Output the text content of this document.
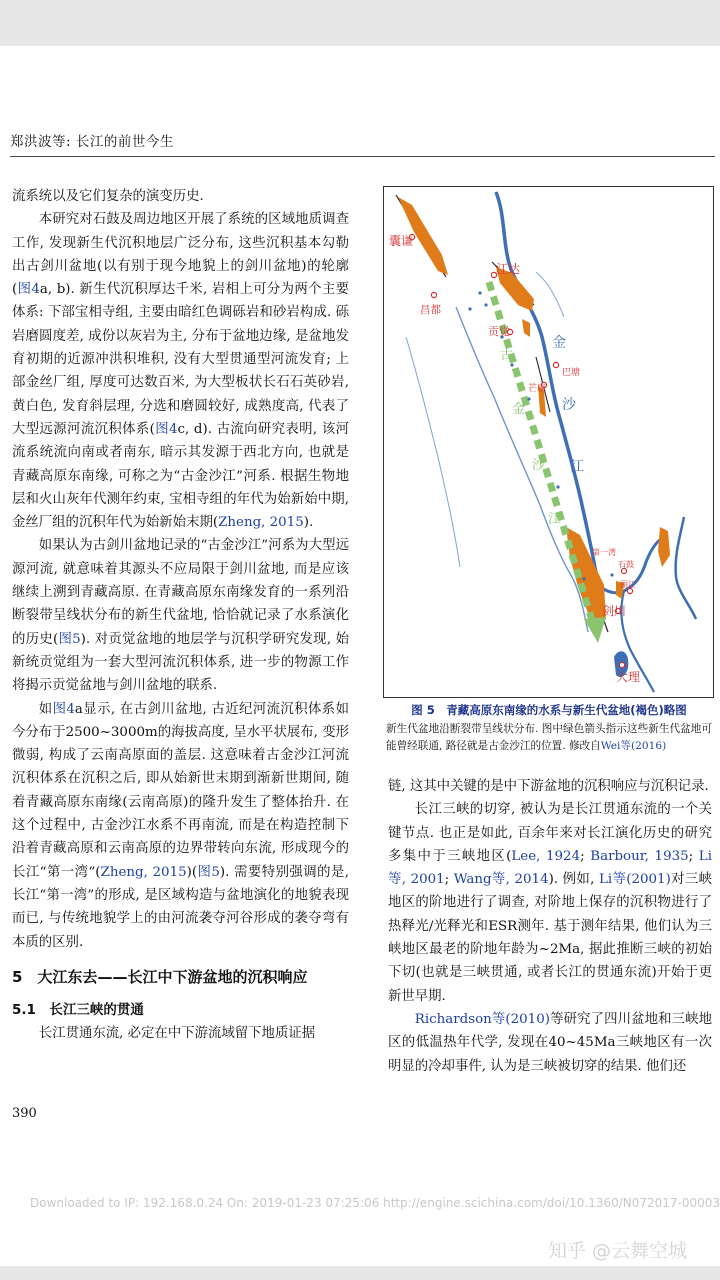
郑洪波等: 长江的前世今生

流系统以及它们复杂的演变历史.

本研究对石鼓及周边地区开展了系统的区域地质调查工作, 发现新生代沉积地层广泛分布, 这些沉积基本勾勒出古剑川盆地(以有别于现今地貌上的剑川盆地)的轮廓(图4a, b). 新生代沉积厚达千米, 岩相上可分为两个主要体系: 下部宝相寺组, 主要由暗红色调砾岩和砂岩构成. 砾岩磨圆度差, 成份以灰岩为主, 分布于盆地边缘, 是盆地发育初期的近源冲洪积堆积, 没有大型贯通型河流发育; 上部金丝厂组, 厚度可达数百米, 为大型板状长石石英砂岩, 黄白色, 发育斜层理, 分选和磨圆较好, 成熟度高, 代表了大型远源河流沉积体系(图4c, d). 古流向研究表明, 该河流系统流向南或者南东, 暗示其发源于西北方向, 也就是青藏高原东南缘, 可称之为“古金沙江”河系. 根据生物地层和火山灰年代测年约束, 宝相寺组的年代为始新始中期, 金丝厂组的沉积年代为始新始末期(Zheng, 2015).

如果认为古剑川盆地记录的“古金沙江”河系为大型远源河流, 就意味着其源头不应局限于剑川盆地, 而是应该继续上溯到青藏高原. 在青藏高原东南缘发育的一系列沿断裂带呈线状分布的新生代盆地, 恰恰就记录了水系演化的历史(图5). 对贡觉盆地的地层学与沉积学研究发现, 始新统贡觉组为一套大型河流沉积体系, 进一步的物源工作将揭示贡觉盆地与剑川盆地的联系.

如图4a显示, 在古剑川盆地, 古近纪河流沉积体系如今分布于2500~3000m的海拔高度, 呈水平状展布, 变形微弱, 构成了云南高原面的盖层. 这意味着古金沙江河流沉积体系在沉积之后, 即从始新世末期到渐新世期间, 随着青藏高原东南缘(云南高原)的隆升发生了整体抬升. 在这个过程中, 古金沙江水系不再南流, 而是在构造控制下沿着青藏高原和云南高原的边界带转向东流, 形成现今的长江“第一湾”(Zheng, 2015)(图5). 需要特别强调的是, 长江“第一湾”的形成, 是区域构造与盆地演化的地貌表现而已, 与传统地貌学上的由河流袭夺河谷形成的袭夺弯有本质的区别.

5　大江东去——长江中下游盆地的沉积响应
5.1　长江三峡的贯通

长江贯通东流, 必定在中下游流域留下地质证据

囊谦
江达
昌都
贡觉
巴塘
芒康
金
沙
江
古
金
沙
江
第一湾
石鼓
丽江
剑川
大理
图 5　青藏高原东南缘的水系与新生代盆地(褐色)略图
新生代盆地沿断裂带呈线状分布. 图中绿色箭头指示这些新生代盆地可能曾经联通, 路径就是古金沙江的位置. 修改自Wei等(2016)

链, 这其中关键的是中下游盆地的沉积响应与沉积记录.

长江三峡的切穿, 被认为是长江贯通东流的一个关键节点. 也正是如此, 百余年来对长江演化历史的研究多集中于三峡地区(Lee, 1924; Barbour, 1935; Li等, 2001; Wang等, 2014). 例如, Li等(2001)对三峡地区的阶地进行了调查, 对阶地上保存的沉积物进行了热释光/光释光和ESR测年. 基于测年结果, 他们认为三峡地区最老的阶地年龄为~2Ma, 据此推断三峡的初始下切(也就是三峡贯通, 或者长江的贯通东流)开始于更新世早期.

Richardson等(2010)等研究了四川盆地和三峡地区的低温热年代学, 发现在40~45Ma三峡地区有一次明显的冷却事件, 认为是三峡被切穿的结果. 他们还

390
Downloaded to IP: 192.168.0.24 On: 2019-01-23 07:25:06 http://engine.scichina.com/doi/10.1360/N072017-00003
知乎 @云舞空城
